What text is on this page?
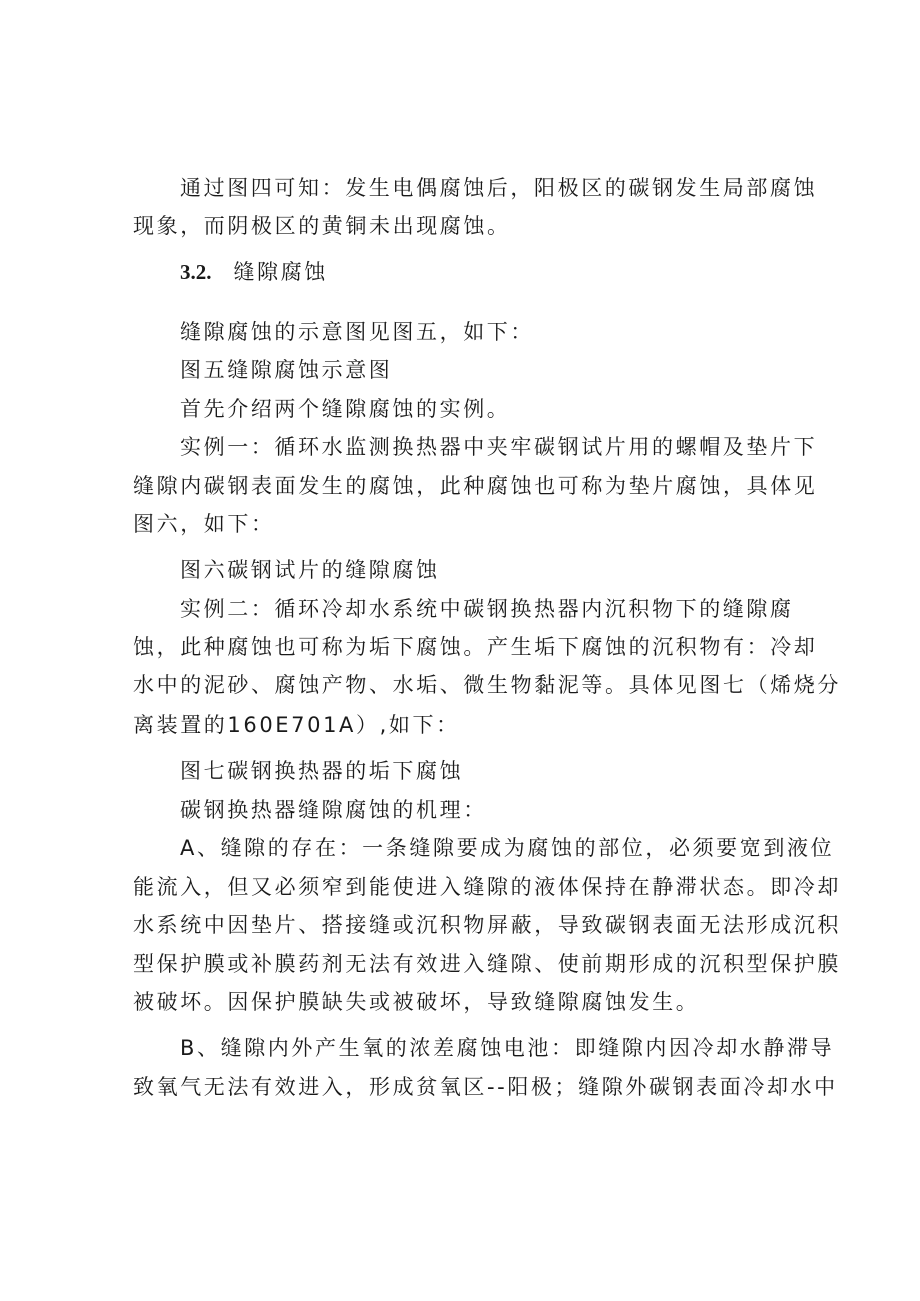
通过图四可知：发生电偶腐蚀后，阳极区的碳钢发生局部腐蚀
现象，而阴极区的黄铜未出现腐蚀。
3.2. 缝隙腐蚀
缝隙腐蚀的示意图见图五，如下：
图五缝隙腐蚀示意图
首先介绍两个缝隙腐蚀的实例。
实例一：循环水监测换热器中夹牢碳钢试片用的螺帽及垫片下
缝隙内碳钢表面发生的腐蚀，此种腐蚀也可称为垫片腐蚀，具体见
图六，如下：
图六碳钢试片的缝隙腐蚀
实例二：循环冷却水系统中碳钢换热器内沉积物下的缝隙腐
蚀，此种腐蚀也可称为垢下腐蚀。产生垢下腐蚀的沉积物有：冷却
水中的泥砂、腐蚀产物、水垢、微生物黏泥等。具体见图七（烯烧分
离装置的160E701A）,如下：
图七碳钢换热器的垢下腐蚀
碳钢换热器缝隙腐蚀的机理：
A、缝隙的存在：一条缝隙要成为腐蚀的部位，必须要宽到液位
能流入，但又必须窄到能使进入缝隙的液体保持在静滞状态。即冷却
水系统中因垫片、搭接缝或沉积物屏蔽，导致碳钢表面无法形成沉积
型保护膜或补膜药剂无法有效进入缝隙、使前期形成的沉积型保护膜
被破坏。因保护膜缺失或被破坏，导致缝隙腐蚀发生。
B、缝隙内外产生氧的浓差腐蚀电池：即缝隙内因冷却水静滞导
致氧气无法有效进入，形成贫氧区--阳极；缝隙外碳钢表面冷却水中
